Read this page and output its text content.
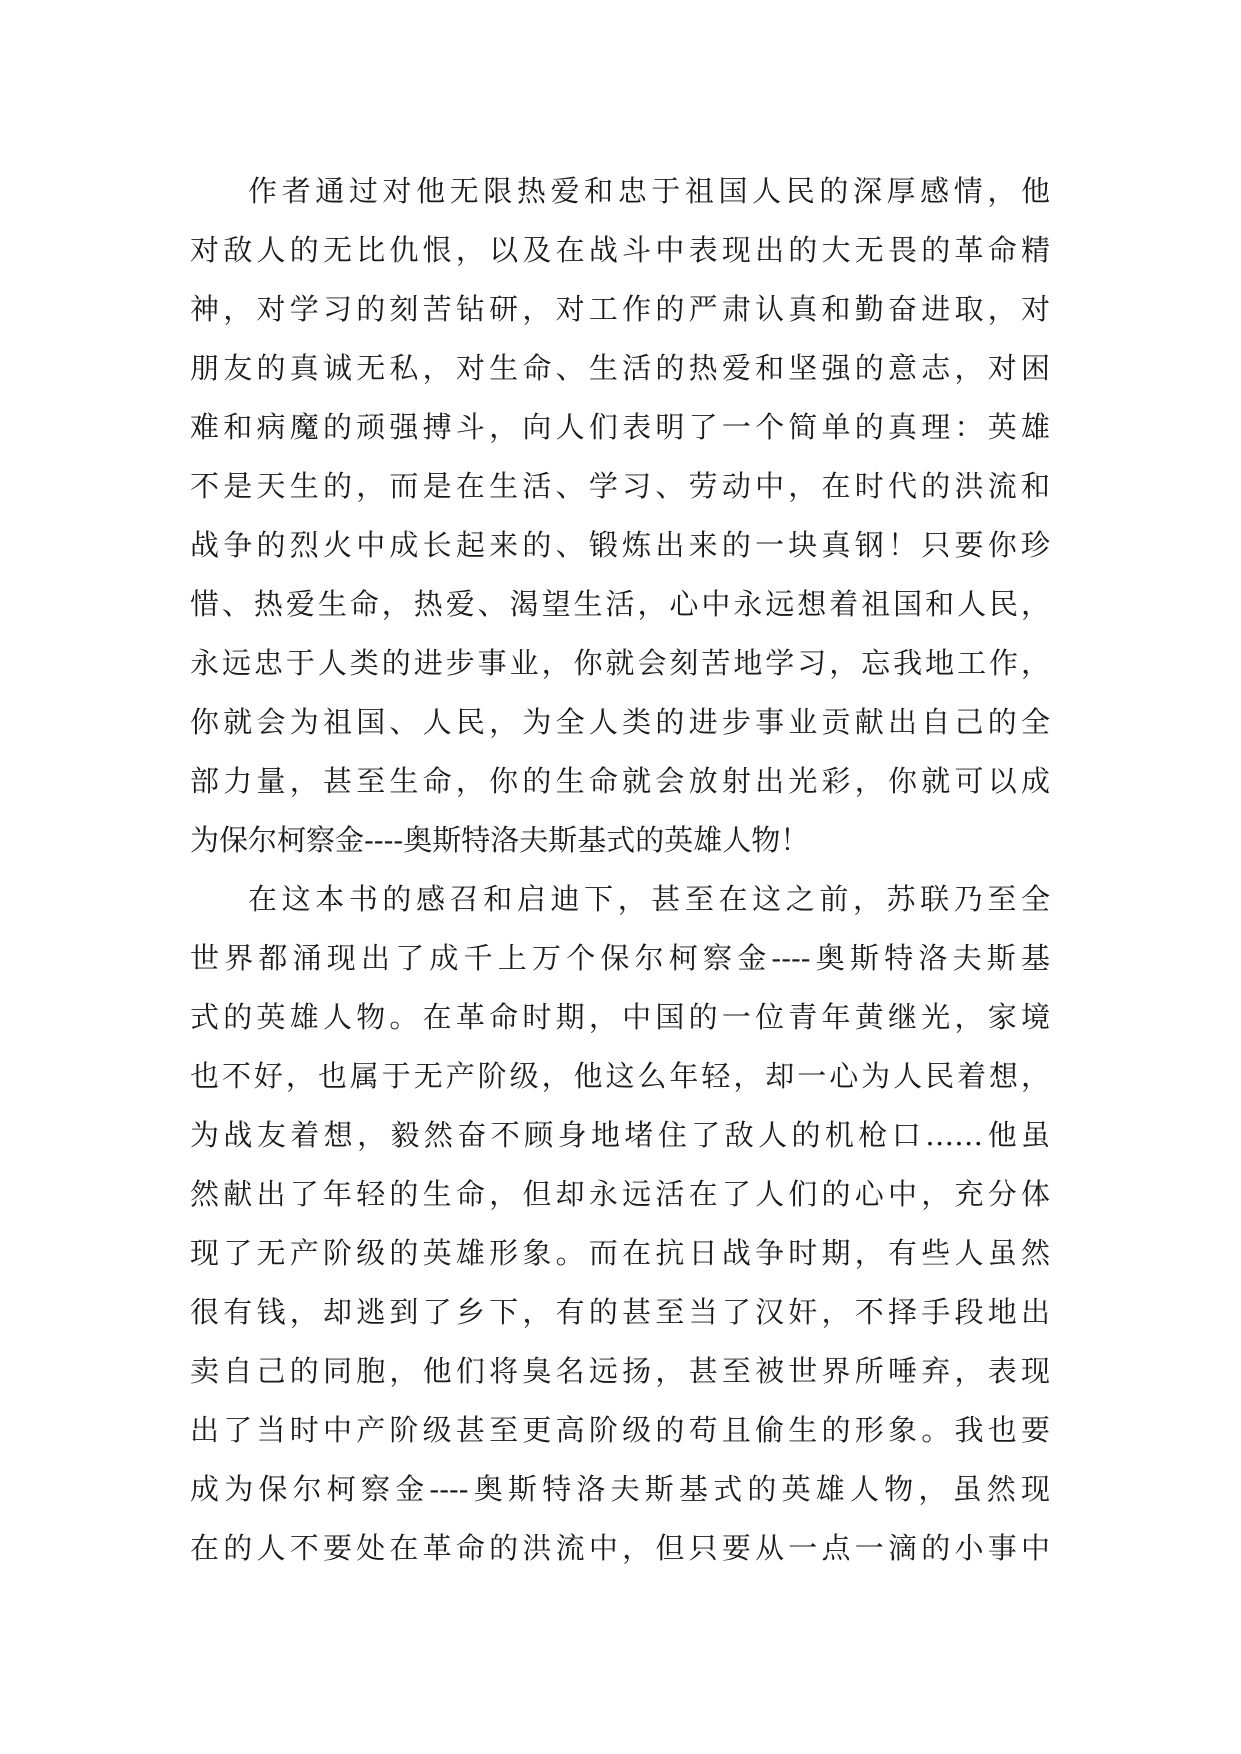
作者通过对他无限热爱和忠于祖国人民的深厚感情，他
对敌人的无比仇恨，以及在战斗中表现出的大无畏的革命精
神，对学习的刻苦钻研，对工作的严肃认真和勤奋进取，对
朋友的真诚无私，对生命、生活的热爱和坚强的意志，对困
难和病魔的顽强搏斗，向人们表明了一个简单的真理：英雄
不是天生的，而是在生活、学习、劳动中，在时代的洪流和
战争的烈火中成长起来的、锻炼出来的一块真钢！只要你珍
惜、热爱生命，热爱、渴望生活，心中永远想着祖国和人民，
永远忠于人类的进步事业，你就会刻苦地学习，忘我地工作，
你就会为祖国、人民，为全人类的进步事业贡献出自己的全
部力量，甚至生命，你的生命就会放射出光彩，你就可以成
为保尔柯察金----奥斯特洛夫斯基式的英雄人物！
在这本书的感召和启迪下，甚至在这之前，苏联乃至全
世界都涌现出了成千上万个保尔柯察金----奥斯特洛夫斯基
式的英雄人物。在革命时期，中国的一位青年黄继光，家境
也不好，也属于无产阶级，他这么年轻，却一心为人民着想，
为战友着想，毅然奋不顾身地堵住了敌人的机枪口……他虽
然献出了年轻的生命，但却永远活在了人们的心中，充分体
现了无产阶级的英雄形象。而在抗日战争时期，有些人虽然
很有钱，却逃到了乡下，有的甚至当了汉奸，不择手段地出
卖自己的同胞，他们将臭名远扬，甚至被世界所唾弃，表现
出了当时中产阶级甚至更高阶级的苟且偷生的形象。我也要
成为保尔柯察金----奥斯特洛夫斯基式的英雄人物，虽然现
在的人不要处在革命的洪流中，但只要从一点一滴的小事中
